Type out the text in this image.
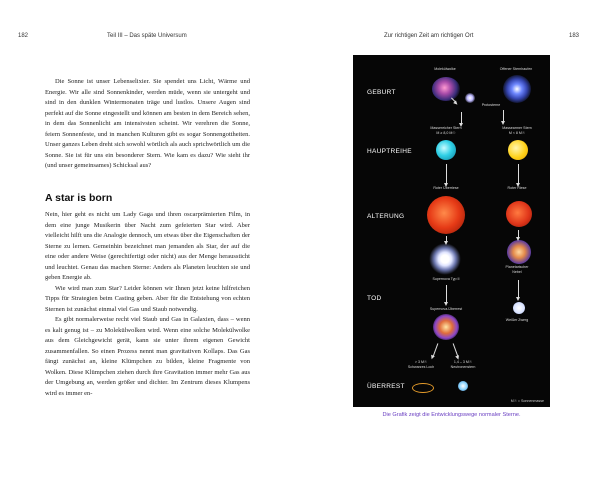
182	Teil III – Das späte Universum	Zur richtigen Zeit am richtigen Ort	183

Die Sonne ist unser Lebenselixier. Sie spendet uns Licht, Wärme und Energie. Wir alle sind Sonnenkinder, werden müde, wenn sie untergeht und sind in den dunklen Wintermonaten träge und lustlos. Unsere Augen sind perfekt auf die Sonne eingestellt und können am besten in dem Bereich sehen, in dem das Sonnenlicht am intensivsten scheint. Wir verehren die Sonne, feiern Sonnenfeste, und in manchen Kulturen gibt es sogar Sonnengottheiten. Unser ganzes Leben dreht sich sowohl wörtlich als auch sprichwörtlich um die Sonne. Sie ist für uns ein besonderer Stern. Wie kam es dazu? Wie sieht ihr (und unser gemeinsames) Schicksal aus?

A star is born

Nein, hier geht es nicht um Lady Gaga und ihren oscarprämierten Film, in dem eine junge Musikerin über Nacht zum gefeierten Star wird. Aber vielleicht hilft uns die Analogie dennoch, um etwas über die Eigenschaften der Sterne zu lernen. Gemeinhin bezeichnet man jemanden als Star, der auf die eine oder andere Weise (gerechtfertigt oder nicht) aus der Menge heraussticht und leuchtet. Genau das machen Sterne: Anders als Planeten leuchten sie und geben Energie ab.

Wie wird man zum Star? Leider können wir Ihnen jetzt keine hilfreichen Tipps für Strategien beim Casting geben. Aber für die Entstehung von echten Sternen ist zunächst einmal viel Gas und Staub notwendig.

Es gibt normalerweise recht viel Staub und Gas in Galaxien, dass – wenn es kalt genug ist – zu Molekülwolken wird. Wenn eine solche Molekülwolke aus dem Gleichgewicht gerät, kann sie unter ihrem eigenen Gewicht zusammenfallen. So einen Prozess nennt man gravitativen Kollaps. Das Gas fängt zunächst an, kleine Klümpchen zu bilden, kleine Fragmente von Wolken. Diese Klümpchen ziehen durch ihre Gravitation immer mehr Gas aus der Umgebung an, werden größer und dichter. Im Zentrum dieses Klumpens wird es immer en-

GEBURT
HAUPTREIHE
ALTERUNG
TOD
ÜBERREST
Molekülwolke	Offener Sternhaufen
Protosterne
Massereicher Stern
M ≥ 8,0 M☉
Massearmer Stern
M < 8 M☉
Roter Überriese	Roter Riese
Supernova Typ II
Planetarischer
Nebel
Supernova-Überrest
Weißer Zwerg
> 3 M☉
Schwarzes Loch
1,4 – 3 M☉
Neutronenstern
M☉ = Sonnenmasse
Die Grafik zeigt die Entwicklungswege normaler Sterne.
